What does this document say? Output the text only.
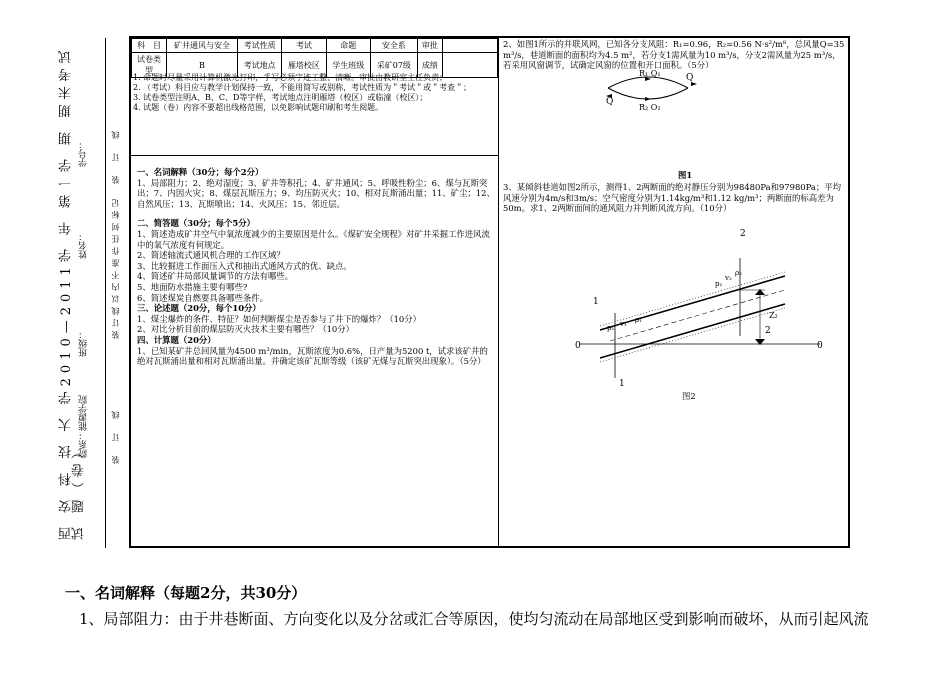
西 安 科 技 大 学2010—2011学 年 第一学 期 期末考试 试 题（卷）
院系：能源学院
班级：
姓名：
学号：	装 订 线
装订线以内不准作任何标记
装 订 线
科　目	矿井通风与安全	考试性质	考试	命题	安全系	审批	
试卷类型	B	考试地点	雁塔校区	学生班级	采矿07级	成绩	
1. 命题时尽量采用计算机激光打印，手写必须字迹工整、清晰。审批由教研室主任负责；
2. （考试）科目应与教学计划保持一致，不能用简写或别称，考试性质为＂考试＂或＂考查＂；
3. 试卷类型注明A、B、C、D等字样，考试地点注明雁塔（校区）或临潼（校区）；
4. 试题（卷）内容不要超出线格范围，以免影响试题印刷和考生阅题。
一、名词解释（30分；每个2分）
1、局部阻力；2、绝对湿度；3、矿井等积孔；4、矿井通风；5、呼吸性粉尘；6、煤与瓦斯突出；7、内因火灾；8、煤层瓦斯压力；9、均压防灭火；10、相对瓦斯涌出量；11、矿尘；12、自然风压；13、瓦斯喷出；14、火风压；15、邻近层。
二、简答题（30分；每个5分）
1、简述造成矿井空气中氧浓度减少的主要原因是什么。《煤矿安全规程》对矿井采掘工作进风流中的氧气浓度有何规定。
2、简述轴流式通风机合理的工作区域？
3、比较掘进工作面压入式和抽出式通风方式的优、缺点。
4、简述矿井局部风量调节的方法有哪些。
5、地面防水措施主要有哪些?
6、简述煤炭自燃要具备哪些条件。
三、论述题（20分，每个10分）
1、煤尘爆炸的条件、特征？如何判断煤尘是否参与了井下的爆炸？（10分）
2、对比分析目前的煤层防灭火技术主要有哪些？（10分）
四、计算题（20分）
1、已知某矿井总回风量为4500 m³/min，瓦斯浓度为0.6%，日产量为5200 t，试求该矿井的绝对瓦斯涌出量和相对瓦斯涌出量。并确定该矿瓦斯等级（该矿无煤与瓦斯突出现象）。（5分）
2、如图1所示的并联风网，已知各分支风阻：R₁=0.96，R₂=0.56 N·s²/m⁸，总风量Q=35 m³/s，巷道断面的面积均为4.5 m²，若分支1需风量为10 m³/s，分支2需风量为25 m³/s，若采用风窗调节，试确定风窗的位置和开口面积。（5分）
R₁ Q₁
R₂ Q₂
Q
Q
图1
3、某倾斜巷道如图2所示，测得1、2两断面的绝对静压分别为98480Pa和97980Pa；平均风速分别为4m/s和3m/s；空气密度分别为1.14kg/m³和1.12 kg/m³；两断面的标高差为50m。求1、2两断面间的通风阻力并判断风流方向。（10分）
2
2
1
1
0	0
Z₂
p₂
v₂
ρ₂
p₁ v₁ ρ₁
图2
一、名词解释（每题2分，共30分）
1、局部阻力：由于井巷断面、方向变化以及分岔或汇合等原因，使均匀流动在局部地区受到影响而破坏，从而引起风流
